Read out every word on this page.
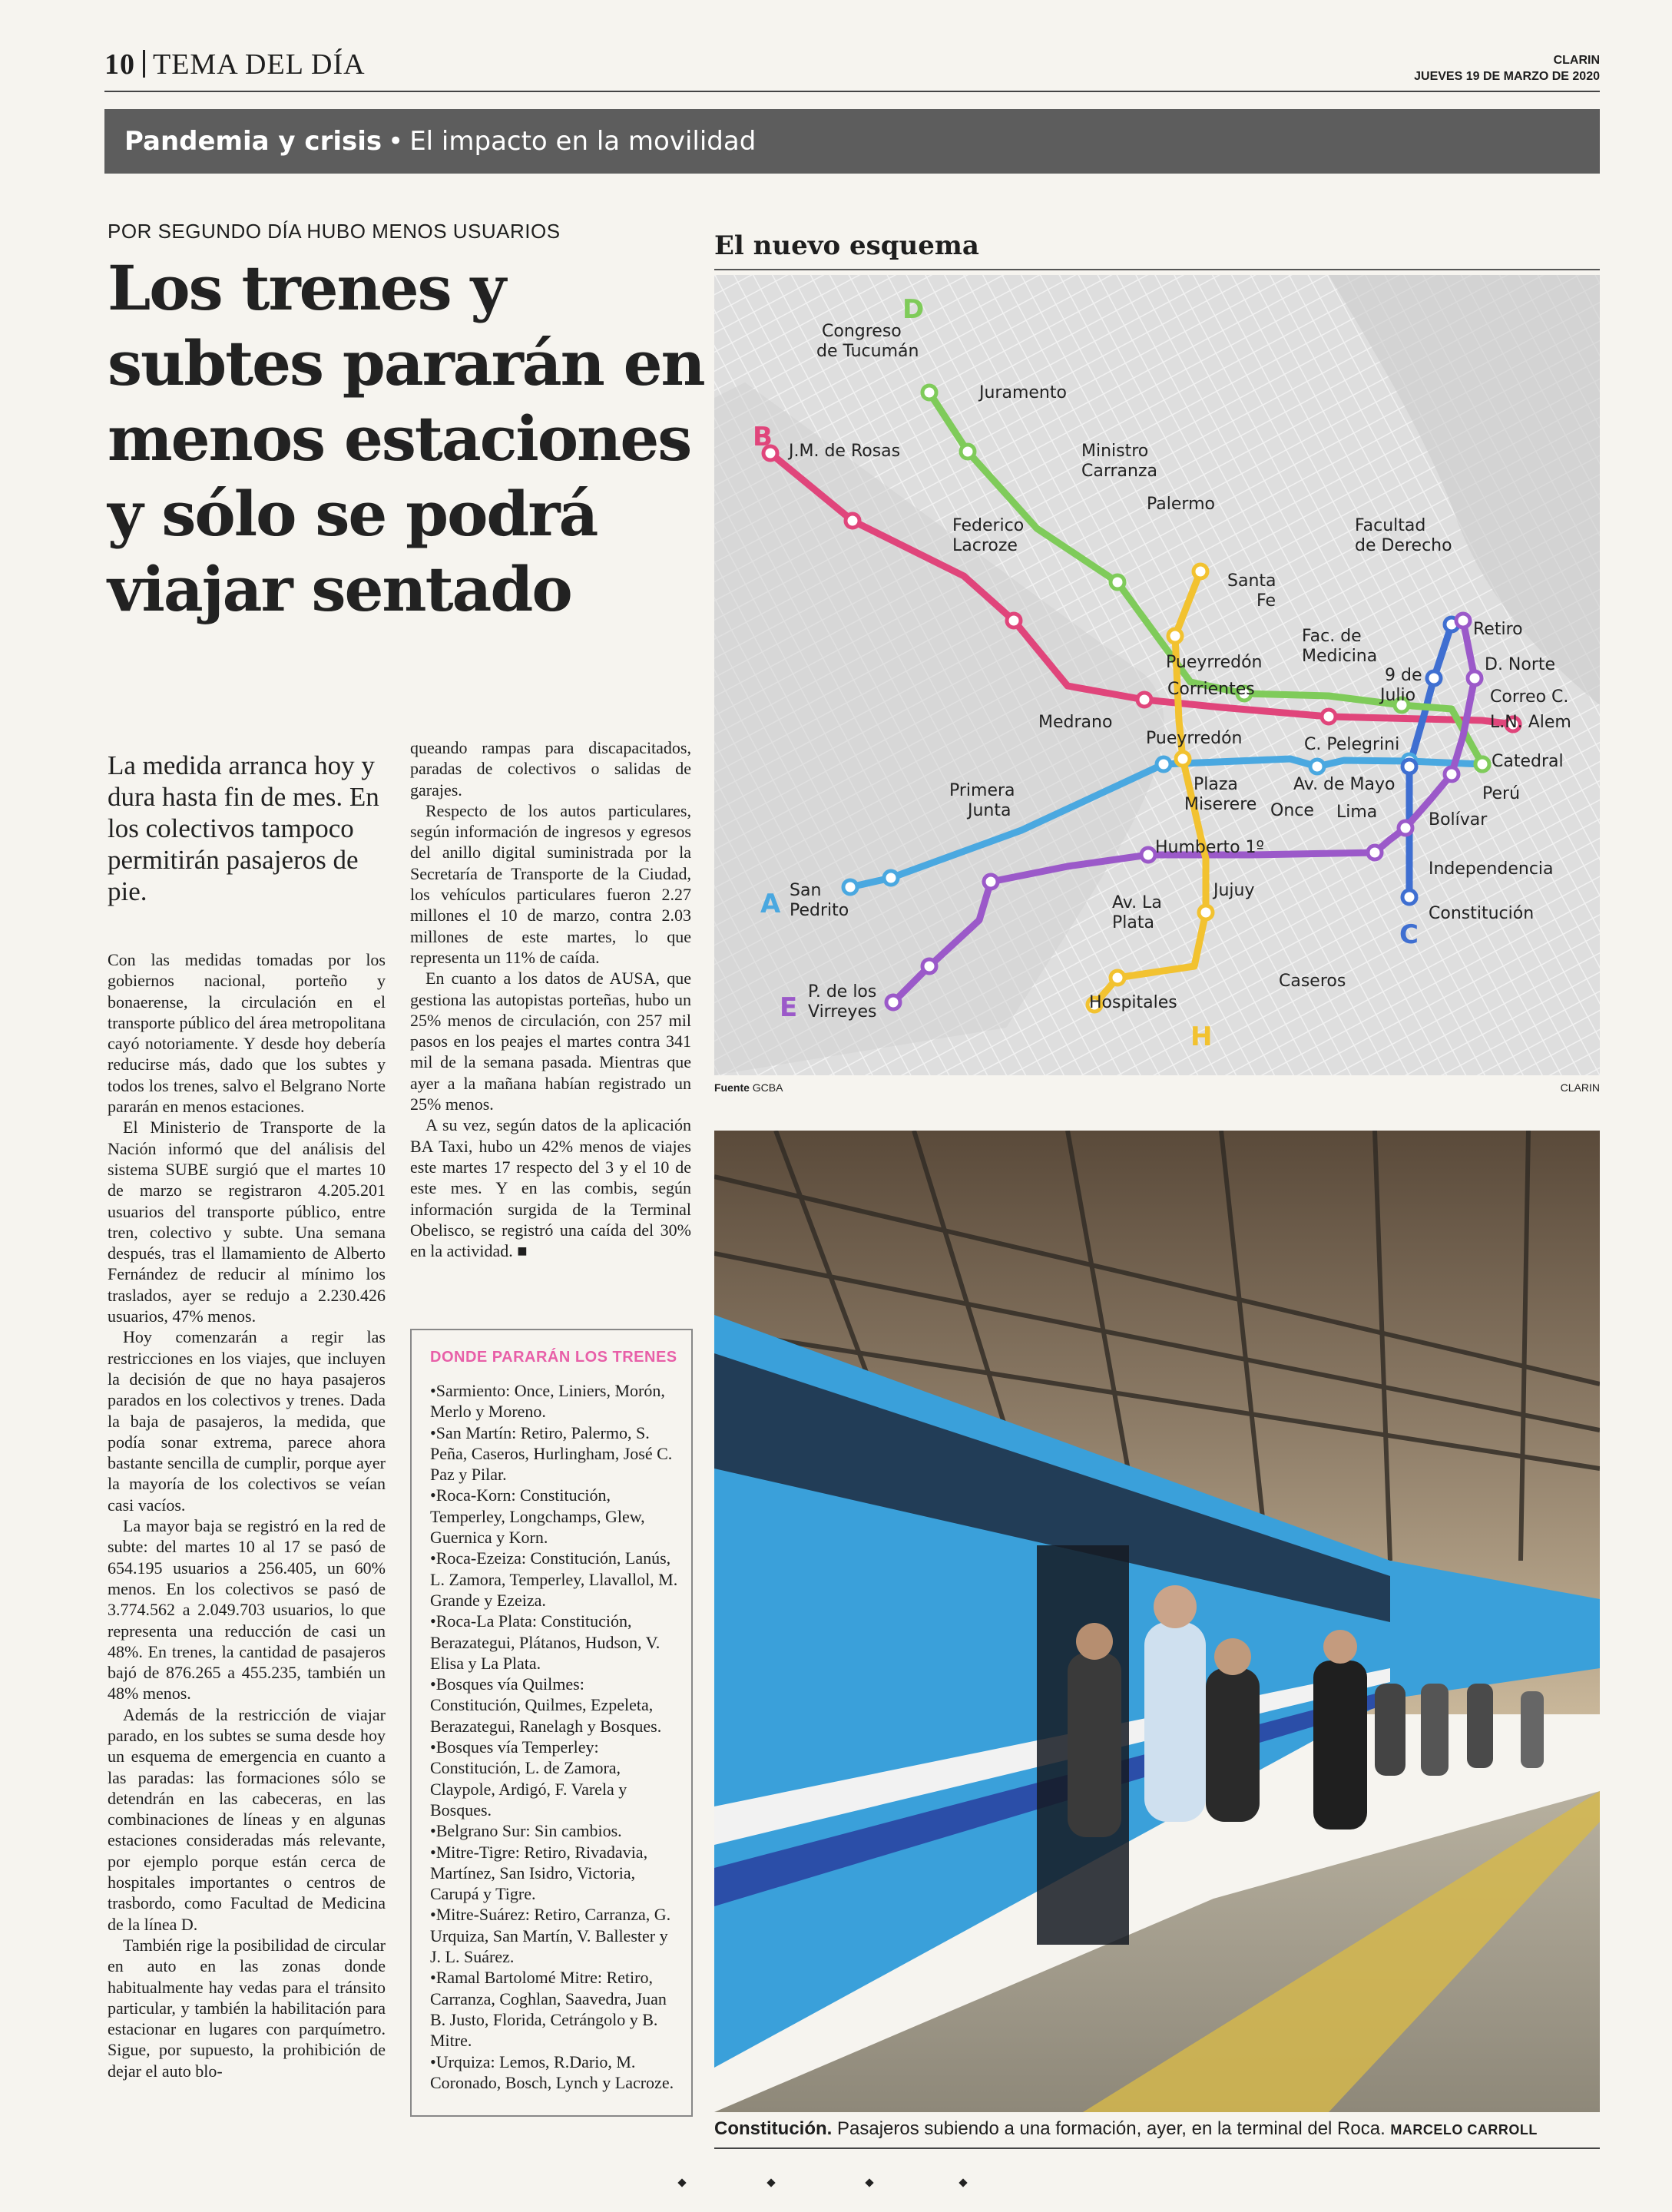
10 TEMA DEL DÍA	CLARIN
JUEVES 19 DE MARZO DE 2020
Pandemia y crisis • El impacto en la movilidad
POR SEGUNDO DÍA HUBO MENOS USUARIOS
Los trenes y subtes pararán en menos estaciones y sólo se podrá viajar sentado
La medida arranca hoy y dura hasta fin de mes. En los colectivos tampoco permitirán pasajeros de pie.

Con las medidas tomadas por los gobiernos nacional, porteño y bonaerense, la circulación en el transporte público del área metropolitana cayó notoriamente. Y desde hoy debería reducirse más, dado que los subtes y todos los trenes, salvo el Belgrano Norte pararán en menos estaciones.

El Ministerio de Transporte de la Nación informó que del análisis del sistema SUBE surgió que el martes 10 de marzo se registraron 4.205.201 usuarios del transporte público, entre tren, colectivo y subte. Una semana después, tras el llamamiento de Alberto Fernández de reducir al mínimo los traslados, ayer se redujo a 2.230.426 usuarios, 47% menos.

Hoy comenzarán a regir las restricciones en los viajes, que incluyen la decisión de que no haya pasajeros parados en los colectivos y trenes. Dada la baja de pasajeros, la medida, que podía sonar extrema, parece ahora bastante sencilla de cumplir, porque ayer la mayoría de los colectivos se veían casi vacíos.

La mayor baja se registró en la red de subte: del martes 10 al 17 se pasó de 654.195 usuarios a 256.405, un 60% menos. En los colectivos se pasó de 3.774.562 a 2.049.703 usuarios, lo que representa una reducción de casi un 48%. En trenes, la cantidad de pasajeros bajó de 876.265 a 455.235, también un 48% menos.

Además de la restricción de viajar parado, en los subtes se suma desde hoy un esquema de emergencia en cuanto a las paradas: las formaciones sólo se detendrán en las cabeceras, en las combinaciones de líneas y en algunas estaciones consideradas más relevante, por ejemplo porque están cerca de hospitales importantes o centros de trasbordo, como Facultad de Medicina de la línea D.

También rige la posibilidad de circular en auto en las zonas donde habitualmente hay vedas para el tránsito particular, y también la habilitación para estacionar en lugares con parquímetro. Sigue, por supuesto, la prohibición de dejar el auto blo-

queando rampas para discapacitados, paradas de colectivos o salidas de garajes.

Respecto de los autos particulares, según información de ingresos y egresos del anillo digital suministrada por la Secretaría de Transporte de la Ciudad, los vehículos particulares fueron 2.27 millones el 10 de marzo, contra 2.03 millones de este martes, lo que representa un 11% de caída.

En cuanto a los datos de AUSA, que gestiona las autopistas porteñas, hubo un 25% menos de circulación, con 257 mil pasos en los peajes el martes contra 341 mil de la semana pasada. Mientras que ayer a la mañana habían registrado un 25% menos.

A su vez, según datos de la aplicación BA Taxi, hubo un 42% menos de viajes este martes 17 respecto del 3 y el 10 de este mes. Y en las combis, según información surgida de la Terminal Obelisco, se registró una caída del 30% en la actividad. ■

DONDE PARARÁN LOS TRENES
• Sarmiento: Once, Liniers, Morón, Merlo y Moreno.
• San Martín: Retiro, Palermo, S. Peña, Caseros, Hurlingham, José C. Paz y Pilar.
• Roca-Korn: Constitución, Temperley, Longchamps, Glew, Guernica y Korn.
• Roca-Ezeiza: Constitución, Lanús, L. Zamora, Temperley, Llavallol, M. Grande y Ezeiza.
• Roca-La Plata: Constitución, Berazategui, Plátanos, Hudson, V. Elisa y La Plata.
• Bosques vía Quilmes: Constitución, Quilmes, Ezpeleta, Berazategui, Ranelagh y Bosques.
• Bosques vía Temperley: Constitución, L. de Zamora, Claypole, Ardigó, F. Varela y Bosques.
• Belgrano Sur: Sin cambios.
• Mitre-Tigre: Retiro, Rivadavia, Martínez, San Isidro, Victoria, Carupá y Tigre.
• Mitre-Suárez: Retiro, Carranza, G. Urquiza, San Martín, V. Ballester y J. L. Suárez.
• Ramal Bartolomé Mitre: Retiro, Carranza, Coghlan, Saavedra, Juan B. Justo, Florida, Cetrángolo y B. Mitre.
• Urquiza: Lemos, R.Dario, M. Coronado, Bosch, Lynch y Lacroze.
El nuevo esquema
A
B
C
D
E
H
Congreso de Tucumán
Juramento
J.M. de Rosas	Ministro Carranza
Palermo
Federico Lacroze
Facultad de Derecho
Santa Fe
Retiro
Fac. de Medicina
Pueyrredón
9 de Julio
D. Norte
Correo C.
Corrientes
L.N. Alem
Medrano
Pueyrredón	C. Pelegrini
Catedral
Plaza Miserere
Av. de Mayo	Perú
Primera Junta	Once Lima	Bolívar
Humberto 1º
Independencia
San Pedrito
Jujuy
Av. La Plata	Constitución
P. de los Virreyes
Caseros
Hospitales
Fuente GCBA	CLARIN
Constitución. Pasajeros subiendo a una formación, ayer, en la terminal del Roca. MARCELO CARROLL
